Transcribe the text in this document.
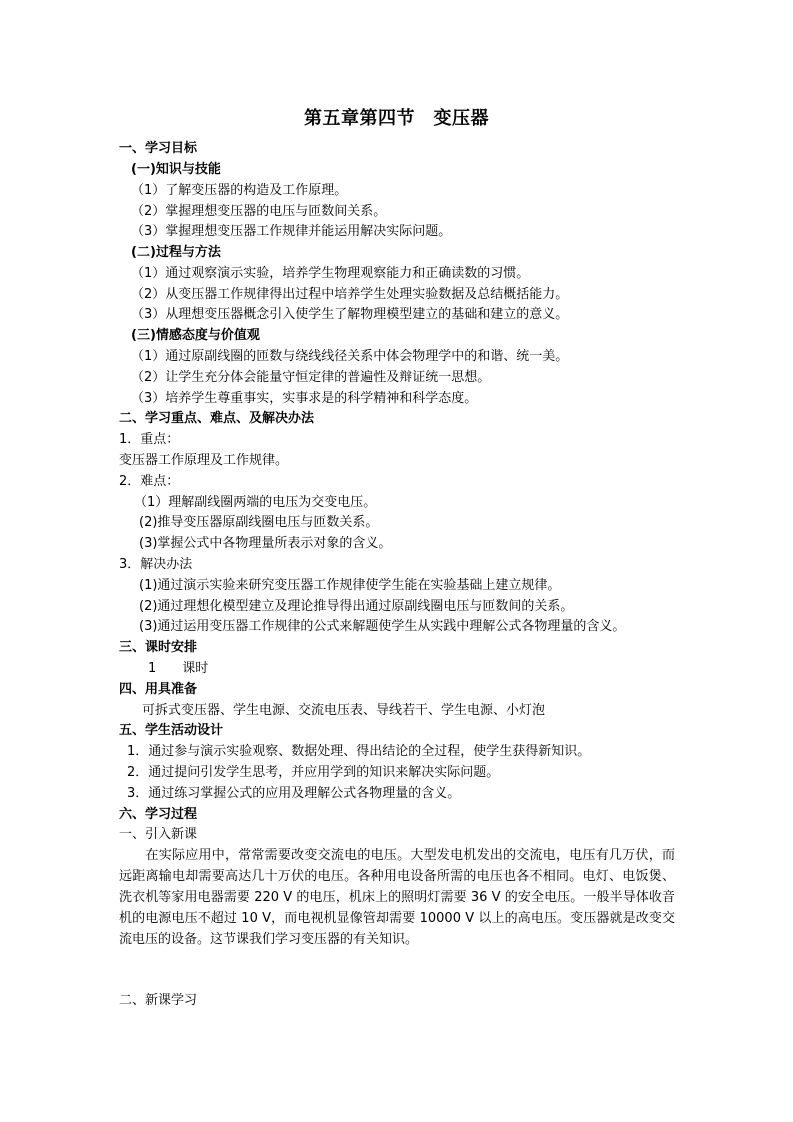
第五章第四节　变压器
一、学习目标
(一)知识与技能
（1）了解变压器的构造及工作原理。
（2）掌握理想变压器的电压与匝数间关系。
（3）掌握理想变压器工作规律并能运用解决实际问题。
(二)过程与方法
（1）通过观察演示实验，培养学生物理观察能力和正确读数的习惯。
（2）从变压器工作规律得出过程中培养学生处理实验数据及总结概括能力。
（3）从理想变压器概念引入使学生了解物理模型建立的基础和建立的意义。
(三)情感态度与价值观
（1）通过原副线圈的匝数与绕线线径关系中体会物理学中的和谐、统一美。
（2）让学生充分体会能量守恒定律的普遍性及辩证统一思想。
（3）培养学生尊重事实，实事求是的科学精神和科学态度。
二、学习重点、难点、及解决办法
1．重点：
变压器工作原理及工作规律。
2．难点：
（1）理解副线圈两端的电压为交变电压。
(2)推导变压器原副线圈电压与匝数关系。
(3)掌握公式中各物理量所表示对象的含义。
3．解决办法
(1)通过演示实验来研究变压器工作规律使学生能在实验基础上建立规律。
(2)通过理想化模型建立及理论推导得出通过原副线圈电压与匝数间的关系。
(3)通过运用变压器工作规律的公式来解题使学生从实践中理解公式各物理量的含义。
三、课时安排
1　　课时
四、用具准备
可拆式变压器、学生电源、交流电压表、导线若干、学生电源、小灯泡
五、学生活动设计
1．通过参与演示实验观察、数据处理、得出结论的全过程，使学生获得新知识。
2．通过提问引发学生思考，并应用学到的知识来解决实际问题。
3．通过练习掌握公式的应用及理解公式各物理量的含义。
六、学习过程
一、引入新课
　　在实际应用中，常常需要改变交流电的电压。大型发电机发出的交流电，电压有几万伏，而远距离输电却需要高达几十万伏的电压。各种用电设备所需的电压也各不相同。电灯、电饭煲、洗衣机等家用电器需要 220 V 的电压，机床上的照明灯需要 36 V 的安全电压。一般半导体收音机的电源电压不超过 10 V，而电视机显像管却需要 10000 V 以上的高电压。变压器就是改变交流电压的设备。这节课我们学习变压器的有关知识。
二、新课学习
